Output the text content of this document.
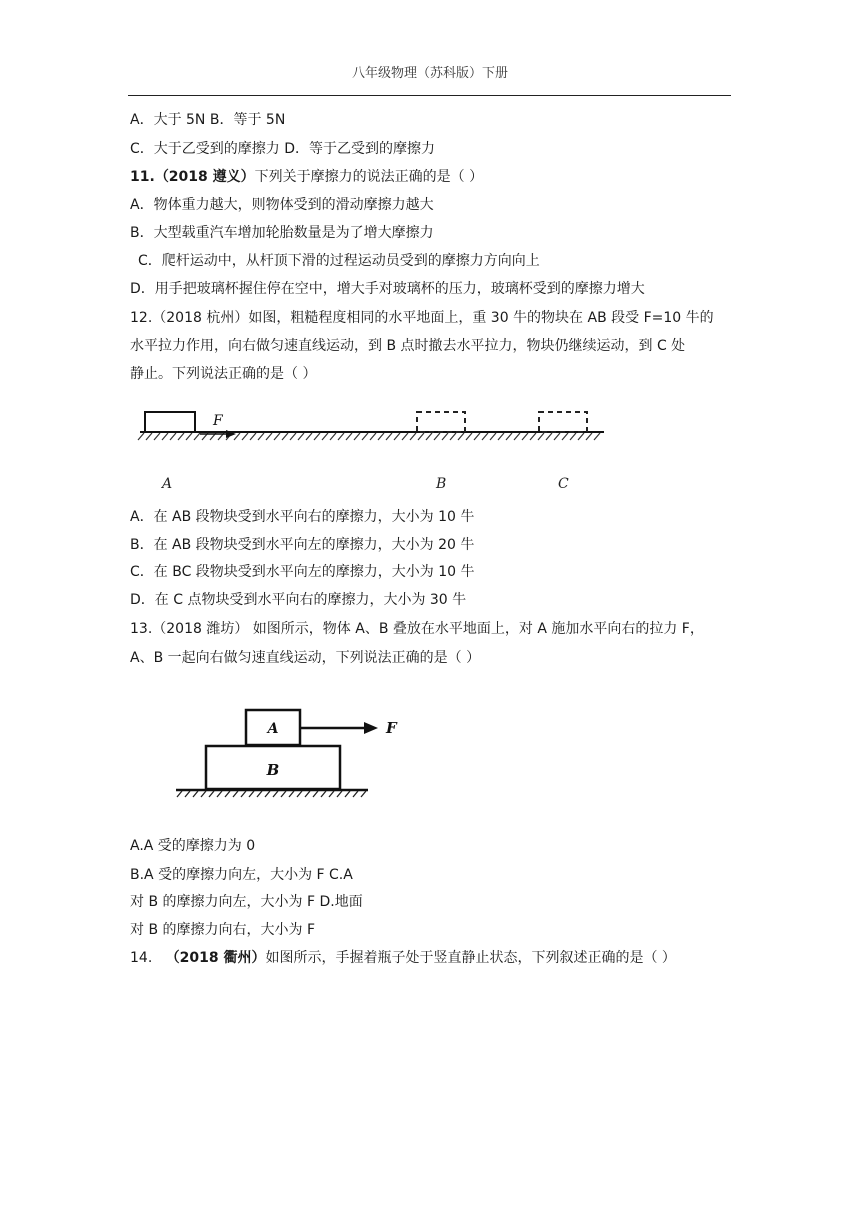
八年级物理（苏科版）下册
A．大于 5N B．等于 5N
C．大于乙受到的摩擦力 D．等于乙受到的摩擦力
11.（2018 遵义）下列关于摩擦力的说法正确的是（ ）
A．物体重力越大，则物体受到的滑动摩擦力越大
B．大型载重汽车增加轮胎数量是为了增大摩擦力
C．爬杆运动中，从杆顶下滑的过程运动员受到的摩擦力方向向上
D．用手把玻璃杯握住停在空中，增大手对玻璃杯的压力，玻璃杯受到的摩擦力增大
12.（2018 杭州）如图，粗糙程度相同的水平地面上，重 30 牛的物块在 AB 段受 F=10 牛的
水平拉力作用，向右做匀速直线运动，到 B 点时撤去水平拉力，物块仍继续运动，到 C 处
静止。下列说法正确的是（ ）
F
A	B	C
A．在 AB 段物块受到水平向右的摩擦力，大小为 10 牛
B．在 AB 段物块受到水平向左的摩擦力，大小为 20 牛
C．在 BC 段物块受到水平向左的摩擦力，大小为 10 牛
D．在 C 点物块受到水平向右的摩擦力，大小为 30 牛
13.（2018 潍坊） 如图所示，物体 A、B 叠放在水平地面上，对 A 施加水平向右的拉力 F，
A、B 一起向右做匀速直线运动，下列说法正确的是（ ）
A
B
F
A.A 受的摩擦力为 0
B.A 受的摩擦力向左，大小为 F C.A
对 B 的摩擦力向左，大小为 F D.地面
对 B 的摩擦力向右，大小为 F
14. （2018 衢州）如图所示，手握着瓶子处于竖直静止状态，下列叙述正确的是（ ）
